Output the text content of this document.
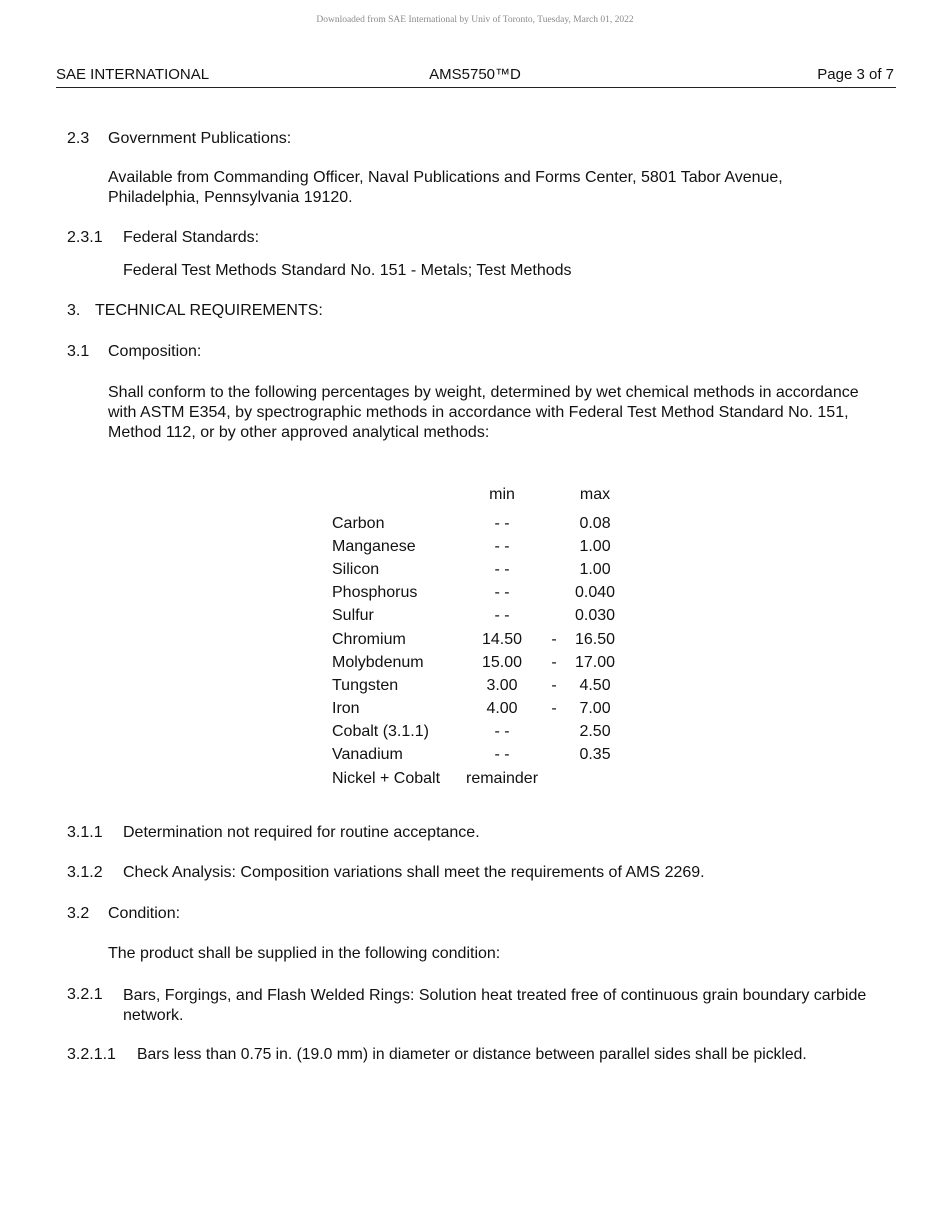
Downloaded from SAE International by Univ of Toronto, Tuesday, March 01, 2022
SAE INTERNATIONAL	AMS5750™D	Page 3 of 7
2.3 Government Publications:
Available from Commanding Officer, Naval Publications and Forms Center, 5801 Tabor Avenue, Philadelphia, Pennsylvania 19120.
2.3.1 Federal Standards:
Federal Test Methods Standard No. 151 - Metals; Test Methods
3. TECHNICAL REQUIREMENTS:
3.1 Composition:
Shall conform to the following percentages by weight, determined by wet chemical methods in accordance with ASTM E354, by spectrographic methods in accordance with Federal Test Method Standard No. 151, Method 112, or by other approved analytical methods:
	min		max
Carbon	- -		0.08
Manganese	- -		1.00
Silicon	- -		1.00
Phosphorus	- -		0.040
Sulfur	- -		0.030
Chromium	14.50	-	16.50
Molybdenum	15.00	-	17.00
Tungsten	3.00	-	4.50
Iron	4.00	-	7.00
Cobalt (3.1.1)	- -		2.50
Vanadium	- -		0.35
Nickel + Cobalt	remainder		
3.1.1 Determination not required for routine acceptance.
3.1.2 Check Analysis: Composition variations shall meet the requirements of AMS 2269.
3.2 Condition:
The product shall be supplied in the following condition:
3.2.1 Bars, Forgings, and Flash Welded Rings: Solution heat treated free of continuous grain boundary carbide network.
3.2.1.1 Bars less than 0.75 in. (19.0 mm) in diameter or distance between parallel sides shall be pickled.
